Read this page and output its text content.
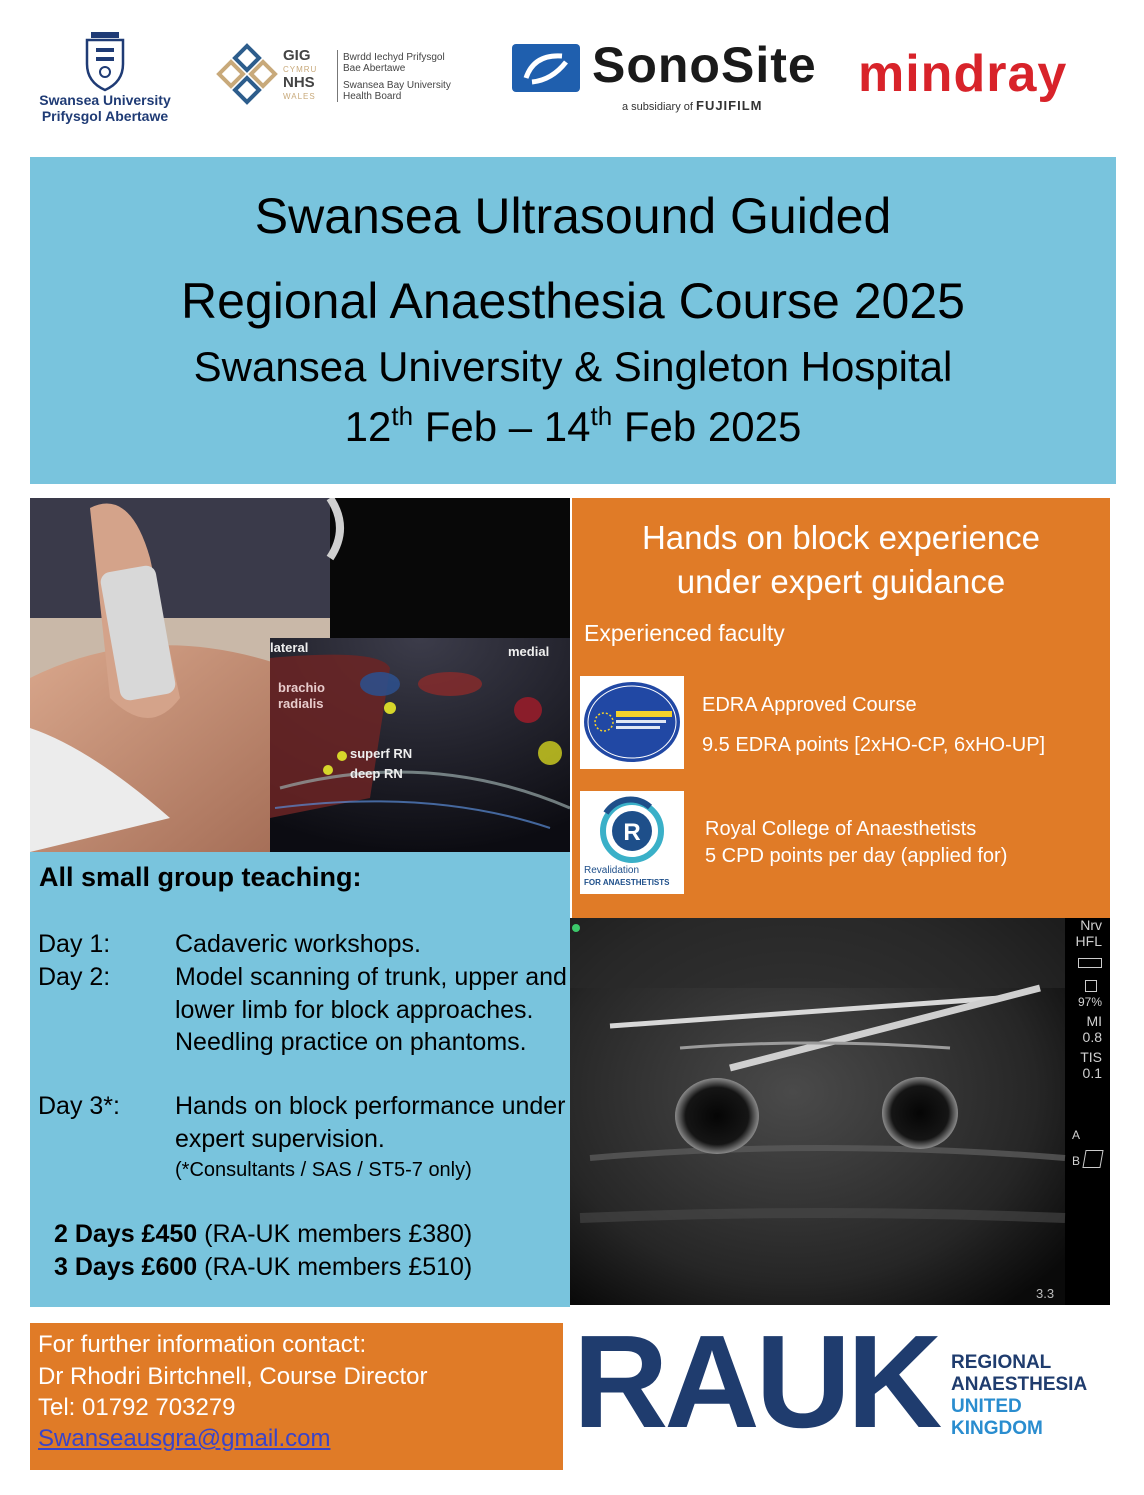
Swansea University
Prifysgol Abertawe
GIG
CYMRU
NHS
WALES
Bwrdd Iechyd Prifysgol
Bae Abertawe
Swansea Bay University
Health Board
SonoSite
a subsidiary of FUJIFILM
mindray
Swansea Ultrasound Guided
Regional Anaesthesia Course 2025
Swansea University & Singleton Hospital
12th Feb – 14th Feb 2025
lateral	medial
brachio
radialis
superf RN
deep RN
Hands on block experience
under expert guidance
Experienced faculty
EDRA Approved Course
9.5 EDRA points [2xHO-CP, 6xHO-UP]
R
Revalidation
FOR ANAESTHETISTS
Royal College of Anaesthetists
5 CPD points per day (applied for)
All small group teaching:
Day 1:	Cadaveric workshops.
Day 2:	Model scanning of trunk, upper and lower limb for block approaches. Needling practice on phantoms.
Day 3*: Hands on block performance under expert supervision.
(*Consultants / SAS / ST5-7 only)
2 Days £450 (RA-UK members £380)
3 Days £600 (RA-UK members £510)
Nrv
HFL
97%
MI
0.8
TIS
0.1
A
B
3.3
For further information contact:
Dr Rhodri Birtchnell, Course Director
Tel: 01792 703279
Swanseausgra@gmail.com RAUK REGIONAL
ANAESTHESIA
UNITED
KINGDOM
